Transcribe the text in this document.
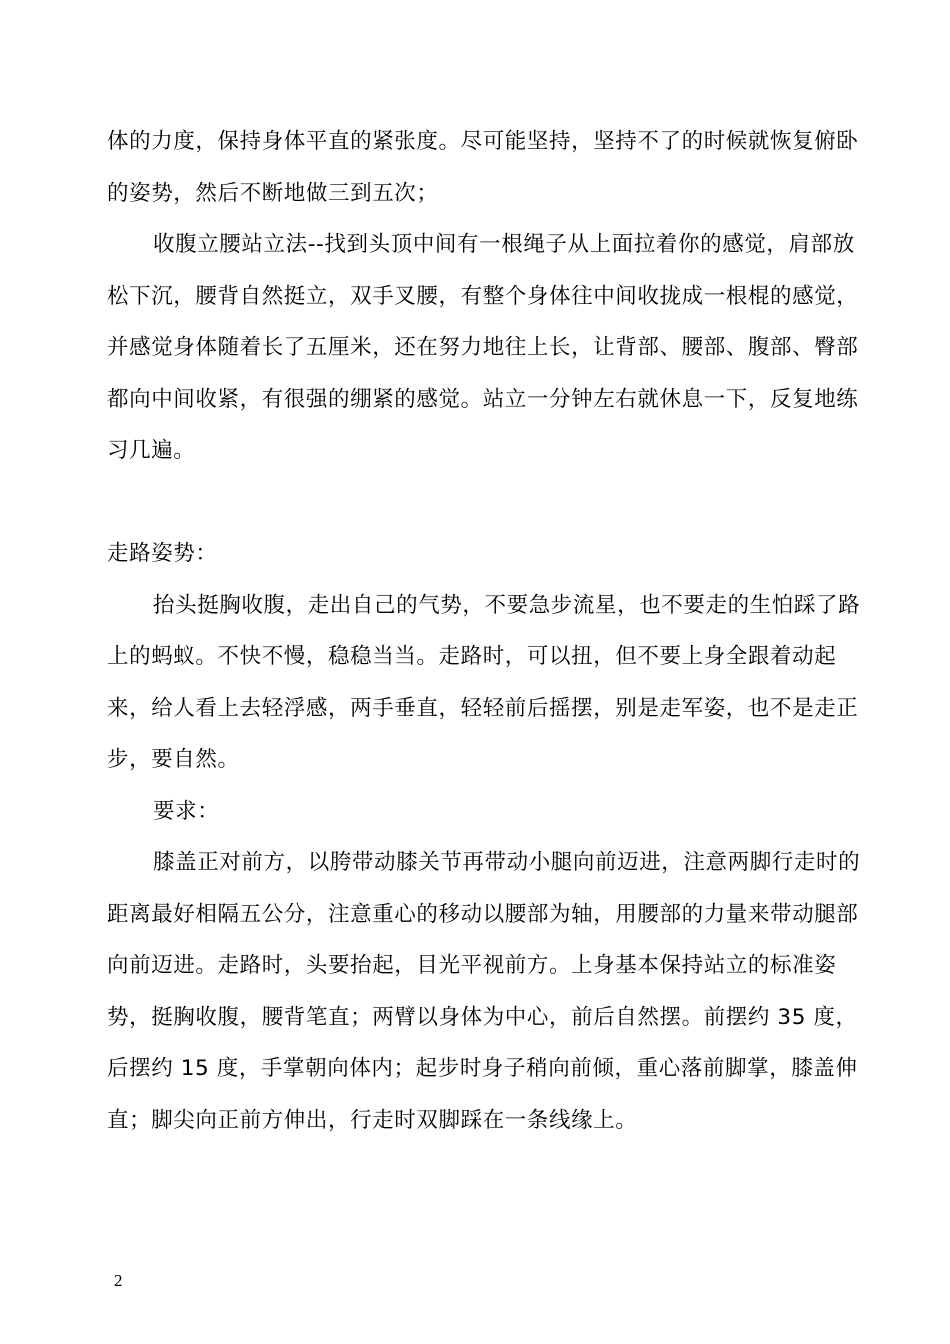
体的力度，保持身体平直的紧张度。尽可能坚持，坚持不了的时候就恢复俯卧的姿势，然后不断地做三到五次；

收腹立腰站立法--找到头顶中间有一根绳子从上面拉着你的感觉，肩部放松下沉，腰背自然挺立，双手叉腰，有整个身体往中间收拢成一根棍的感觉，并感觉身体随着长了五厘米，还在努力地往上长，让背部、腰部、腹部、臀部都向中间收紧，有很强的绷紧的感觉。站立一分钟左右就休息一下，反复地练习几遍。

走路姿势：

抬头挺胸收腹，走出自己的气势，不要急步流星，也不要走的生怕踩了路上的蚂蚁。不快不慢，稳稳当当。走路时，可以扭，但不要上身全跟着动起来，给人看上去轻浮感，两手垂直，轻轻前后摇摆，别是走军姿，也不是走正步，要自然。

要求：

膝盖正对前方，以胯带动膝关节再带动小腿向前迈进，注意两脚行走时的距离最好相隔五公分，注意重心的移动以腰部为轴，用腰部的力量来带动腿部向前迈进。走路时，头要抬起，目光平视前方。上身基本保持站立的标准姿势，挺胸收腹，腰背笔直；两臂以身体为中心，前后自然摆。前摆约 35 度，后摆约 15 度，手掌朝向体内；起步时身子稍向前倾，重心落前脚掌，膝盖伸直；脚尖向正前方伸出，行走时双脚踩在一条线缘上。

2
